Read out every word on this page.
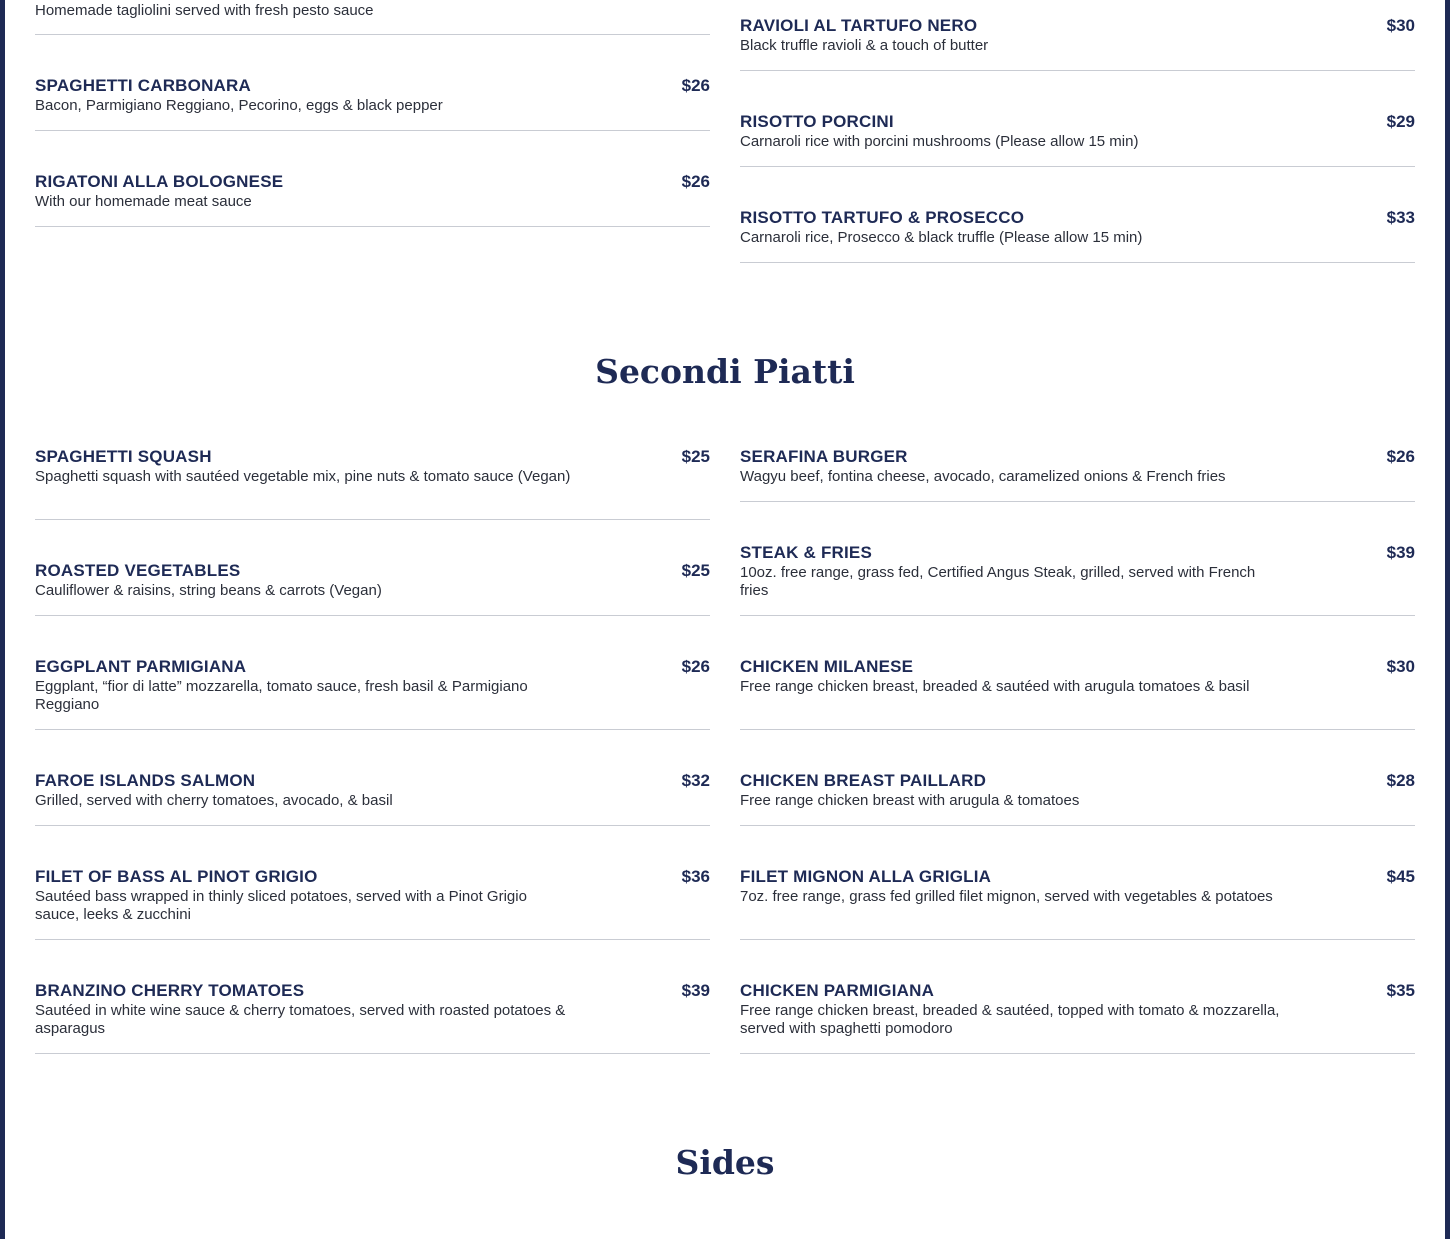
Homemade tagliolini served with fresh pesto sauce
SPAGHETTI CARBONARA	$26
Bacon, Parmigiano Reggiano, Pecorino, eggs & black pepper
RIGATONI ALLA BOLOGNESE	$26
With our homemade meat sauce
RAVIOLI AL TARTUFO NERO	$30
Black truffle ravioli & a touch of butter
RISOTTO PORCINI	$29
Carnaroli rice with porcini mushrooms (Please allow 15 min)
RISOTTO TARTUFO & PROSECCO	$33
Carnaroli rice, Prosecco & black truffle (Please allow 15 min)
Secondi Piatti
SPAGHETTI SQUASH	$25
Spaghetti squash with sautéed vegetable mix, pine nuts & tomato sauce (Vegan)
ROASTED VEGETABLES	$25
Cauliflower & raisins, string beans & carrots (Vegan)
EGGPLANT PARMIGIANA	$26
Eggplant, “fior di latte” mozzarella, tomato sauce, fresh basil & Parmigiano Reggiano
FAROE ISLANDS SALMON	$32
Grilled, served with cherry tomatoes, avocado, & basil
FILET OF BASS AL PINOT GRIGIO	$36
Sautéed bass wrapped in thinly sliced potatoes, served with a Pinot Grigio sauce, leeks & zucchini
BRANZINO CHERRY TOMATOES	$39
Sautéed in white wine sauce & cherry tomatoes, served with roasted potatoes & asparagus
SERAFINA BURGER	$26
Wagyu beef, fontina cheese, avocado, caramelized onions & French fries
STEAK & FRIES	$39
10oz. free range, grass fed, Certified Angus Steak, grilled, served with French fries
CHICKEN MILANESE	$30
Free range chicken breast, breaded & sautéed with arugula tomatoes & basil
CHICKEN BREAST PAILLARD	$28
Free range chicken breast with arugula & tomatoes
FILET MIGNON ALLA GRIGLIA	$45
7oz. free range, grass fed grilled filet mignon, served with vegetables & potatoes
CHICKEN PARMIGIANA	$35
Free range chicken breast, breaded & sautéed, topped with tomato & mozzarella, served with spaghetti pomodoro
Sides
